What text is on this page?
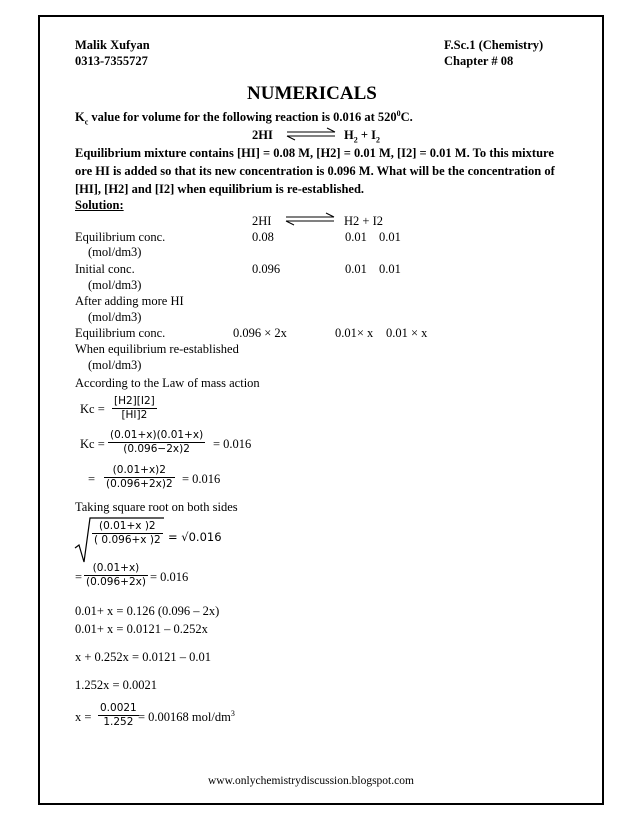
Malik Xufyan
0313-7355727
F.Sc.1 (Chemistry)
Chapter # 08
NUMERICALS
$K_c$ value for volume for the following reaction is 0.016 at $520^0C$.
2HI ⇌ $H_2 + I_2$
Equilibrium mixture contains [HI] = 0.08 M, [H2] = 0.01 M, [I2] = 0.01 M. To this mixture
ore HI is added so that its new concentration is 0.096 M. What will be the concentration of
[HI], [H2] and [I2] when equilibrium is re-established.
Solution:
2HI	H2 + I2
Equilibrium conc.	0.08	0.01 0.01
(mol/dm3)
Initial conc.	0.096	0.01 0.01
(mol/dm3)
After adding more HI
(mol/dm3)
Equilibrium conc.	0.096 × 2x	0.01× x 0.01 × x
When equilibrium re-established
(mol/dm3)
According to the Law of mass action
Kc =
[H2][I2]
[HI]2
Kc =
(0.01+x)(0.01+x)
(0.096−2x)2 = 0.016
=
(0.01+x)2
(0.096+2x)2 = 0.016
Taking square root on both sides
(0.01+x )2
( 0.096+x )2 = √0.016
=
(0.01+x)
(0.096+2x) = 0.016
0.01+ x = 0.126 (0.096 – 2x)
0.01+ x = 0.0121 – 0.252x
x + 0.252x = 0.0121 – 0.01
1.252x = 0.0021
x =
0.0021
1.252 = 0.00168 mol/$dm^3$
www.onlychemistrydiscussion.blogspot.com
